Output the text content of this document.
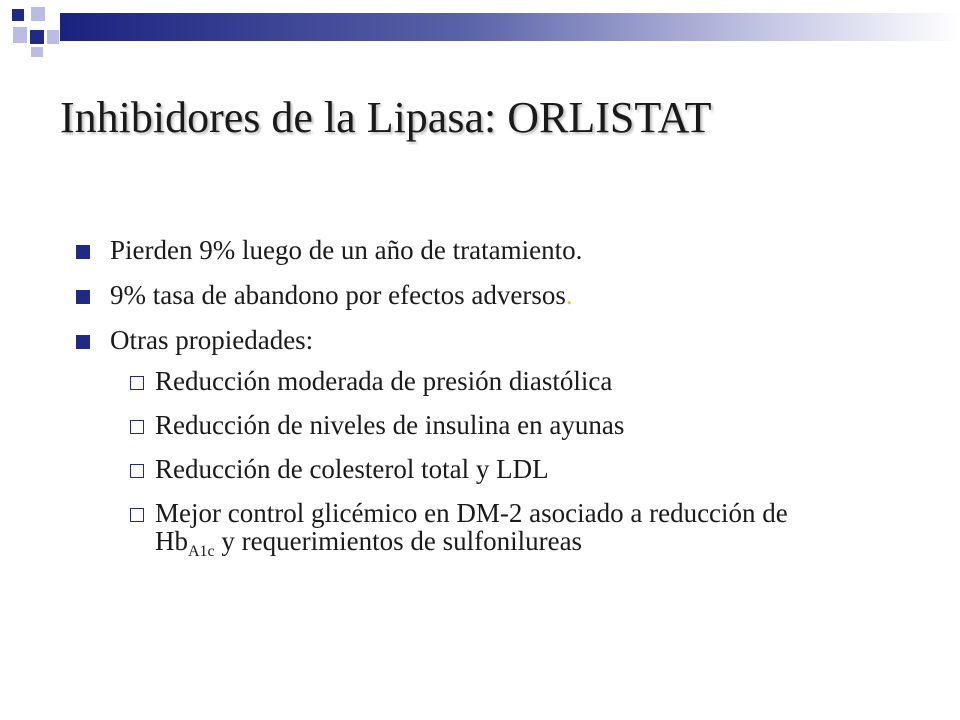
Inhibidores de la Lipasa: ORLISTAT
Pierden 9% luego de un año de tratamiento.
9% tasa de abandono por efectos adversos.
Otras propiedades:
Reducción moderada de presión diastólica
Reducción de niveles de insulina en ayunas
Reducción de colesterol total y LDL
Mejor control glicémico en DM-2 asociado a reducción de $Hb_{A1c}$ y requerimientos de sulfonilureas
